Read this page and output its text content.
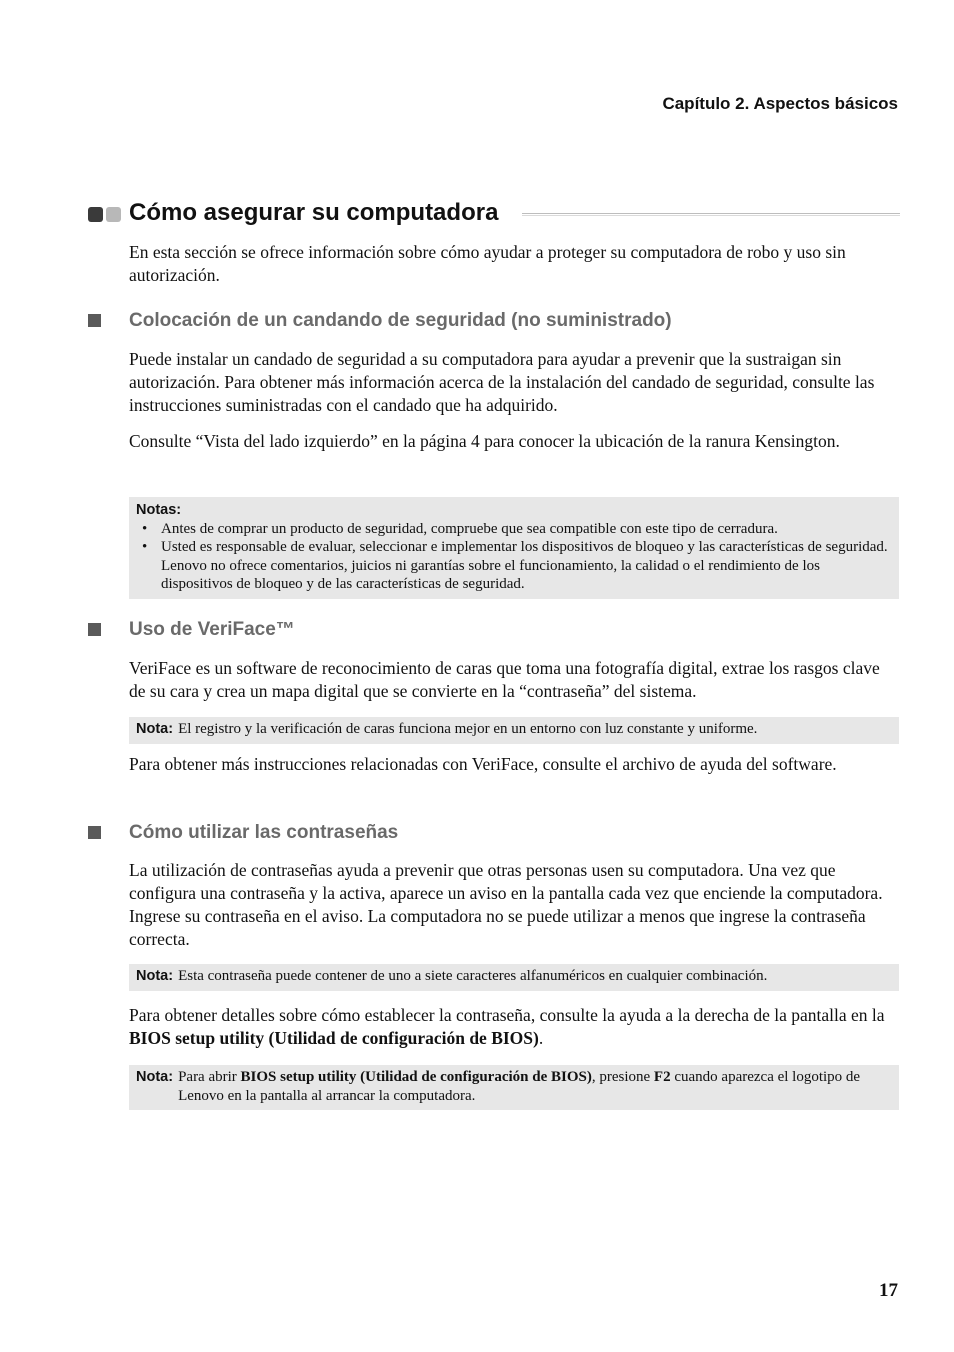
Capítulo 2. Aspectos básicos
Cómo asegurar su computadora
En esta sección se ofrece información sobre cómo ayudar a proteger su computadora de robo y uso sin autorización.
Colocación de un candando de seguridad (no suministrado)
Puede instalar un candado de seguridad a su computadora para ayudar a prevenir que la sustraigan sin autorización. Para obtener más información acerca de la instalación del candado de seguridad, consulte las instrucciones suministradas con el candado que ha adquirido.
Consulte “Vista del lado izquierdo” en la página 4 para conocer la ubicación de la ranura Kensington.
Notas:
• Antes de comprar un producto de seguridad, compruebe que sea compatible con este tipo de cerradura.
• Usted es responsable de evaluar, seleccionar e implementar los dispositivos de bloqueo y las características de seguridad. Lenovo no ofrece comentarios, juicios ni garantías sobre el funcionamiento, la calidad o el rendimiento de los dispositivos de bloqueo y de las características de seguridad.
Uso de VeriFace™
VeriFace es un software de reconocimiento de caras que toma una fotografía digital, extrae los rasgos clave de su cara y crea un mapa digital que se convierte en la “contraseña” del sistema.
Nota: El registro y la verificación de caras funciona mejor en un entorno con luz constante y uniforme.
Para obtener más instrucciones relacionadas con VeriFace, consulte el archivo de ayuda del software.
Cómo utilizar las contraseñas
La utilización de contraseñas ayuda a prevenir que otras personas usen su computadora. Una vez que configura una contraseña y la activa, aparece un aviso en la pantalla cada vez que enciende la computadora. Ingrese su contraseña en el aviso. La computadora no se puede utilizar a menos que ingrese la contraseña correcta.
Nota: Esta contraseña puede contener de uno a siete caracteres alfanuméricos en cualquier combinación.
Para obtener detalles sobre cómo establecer la contraseña, consulte la ayuda a la derecha de la pantalla en la BIOS setup utility (Utilidad de configuración de BIOS).
Nota: Para abrir BIOS setup utility (Utilidad de configuración de BIOS), presione F2 cuando aparezca el logotipo de Lenovo en la pantalla al arrancar la computadora.
17
